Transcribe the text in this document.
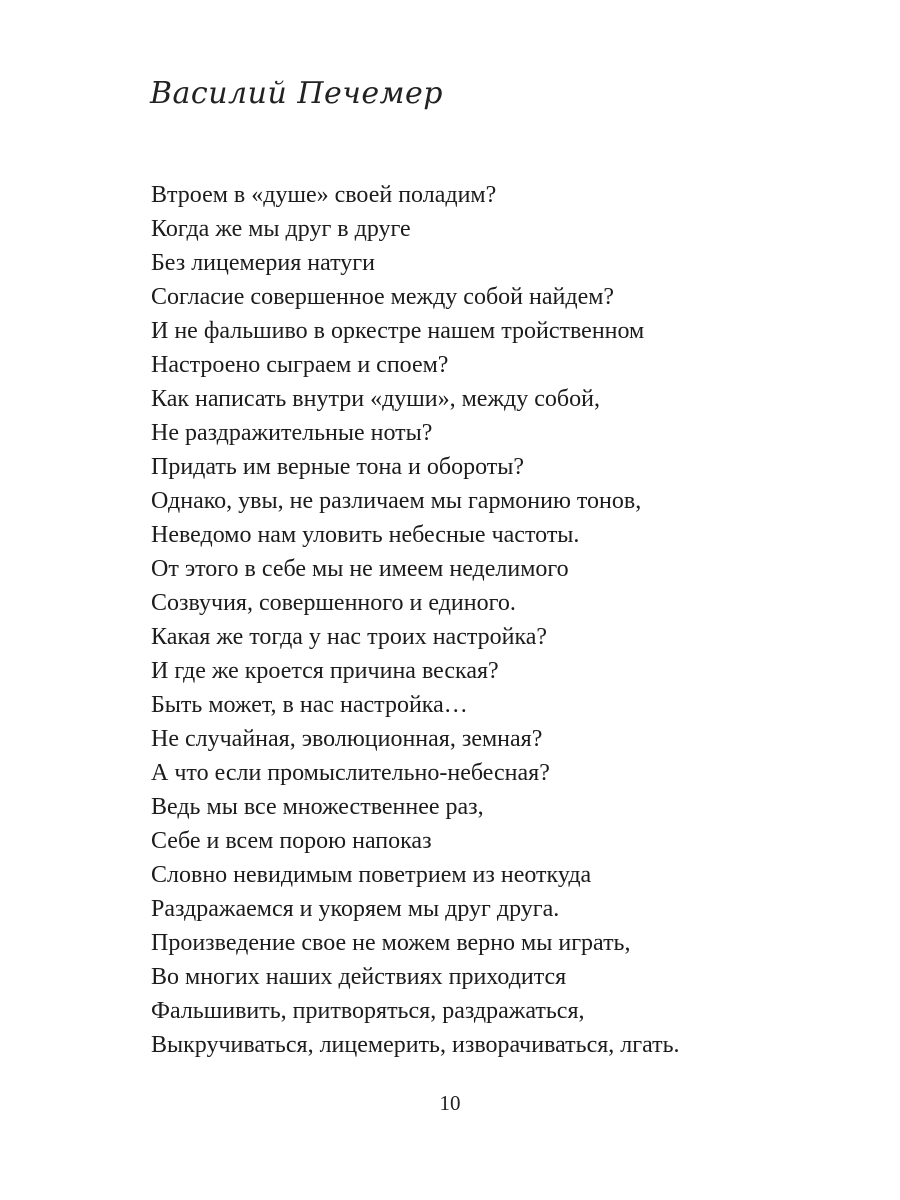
Василий Печемер
Втроем в «душе» своей поладим?
Когда же мы друг в друге
Без лицемерия натуги
Согласие совершенное между собой найдем?
И не фальшиво в оркестре нашем тройственном
Настроено сыграем и споем?
Как написать внутри «души», между собой,
Не раздражительные ноты?
Придать им верные тона и обороты?
Однако, увы, не различаем мы гармонию тонов,
Неведомо нам уловить небесные частоты.
От этого в себе мы не имеем неделимого
Созвучия, совершенного и единого.
Какая же тогда у нас троих настройка?
И где же кроется причина веская?
Быть может, в нас настройка…
Не случайная, эволюционная, земная?
А что если промыслительно-небесная?
Ведь мы все множественнее раз,
Себе и всем порою напоказ
Словно невидимым поветрием из неоткуда
Раздражаемся и укоряем мы друг друга.
Произведение свое не можем верно мы играть,
Во многих наших действиях приходится
Фальшивить, притворяться, раздражаться,
Выкручиваться, лицемерить, изворачиваться, лгать.
10
